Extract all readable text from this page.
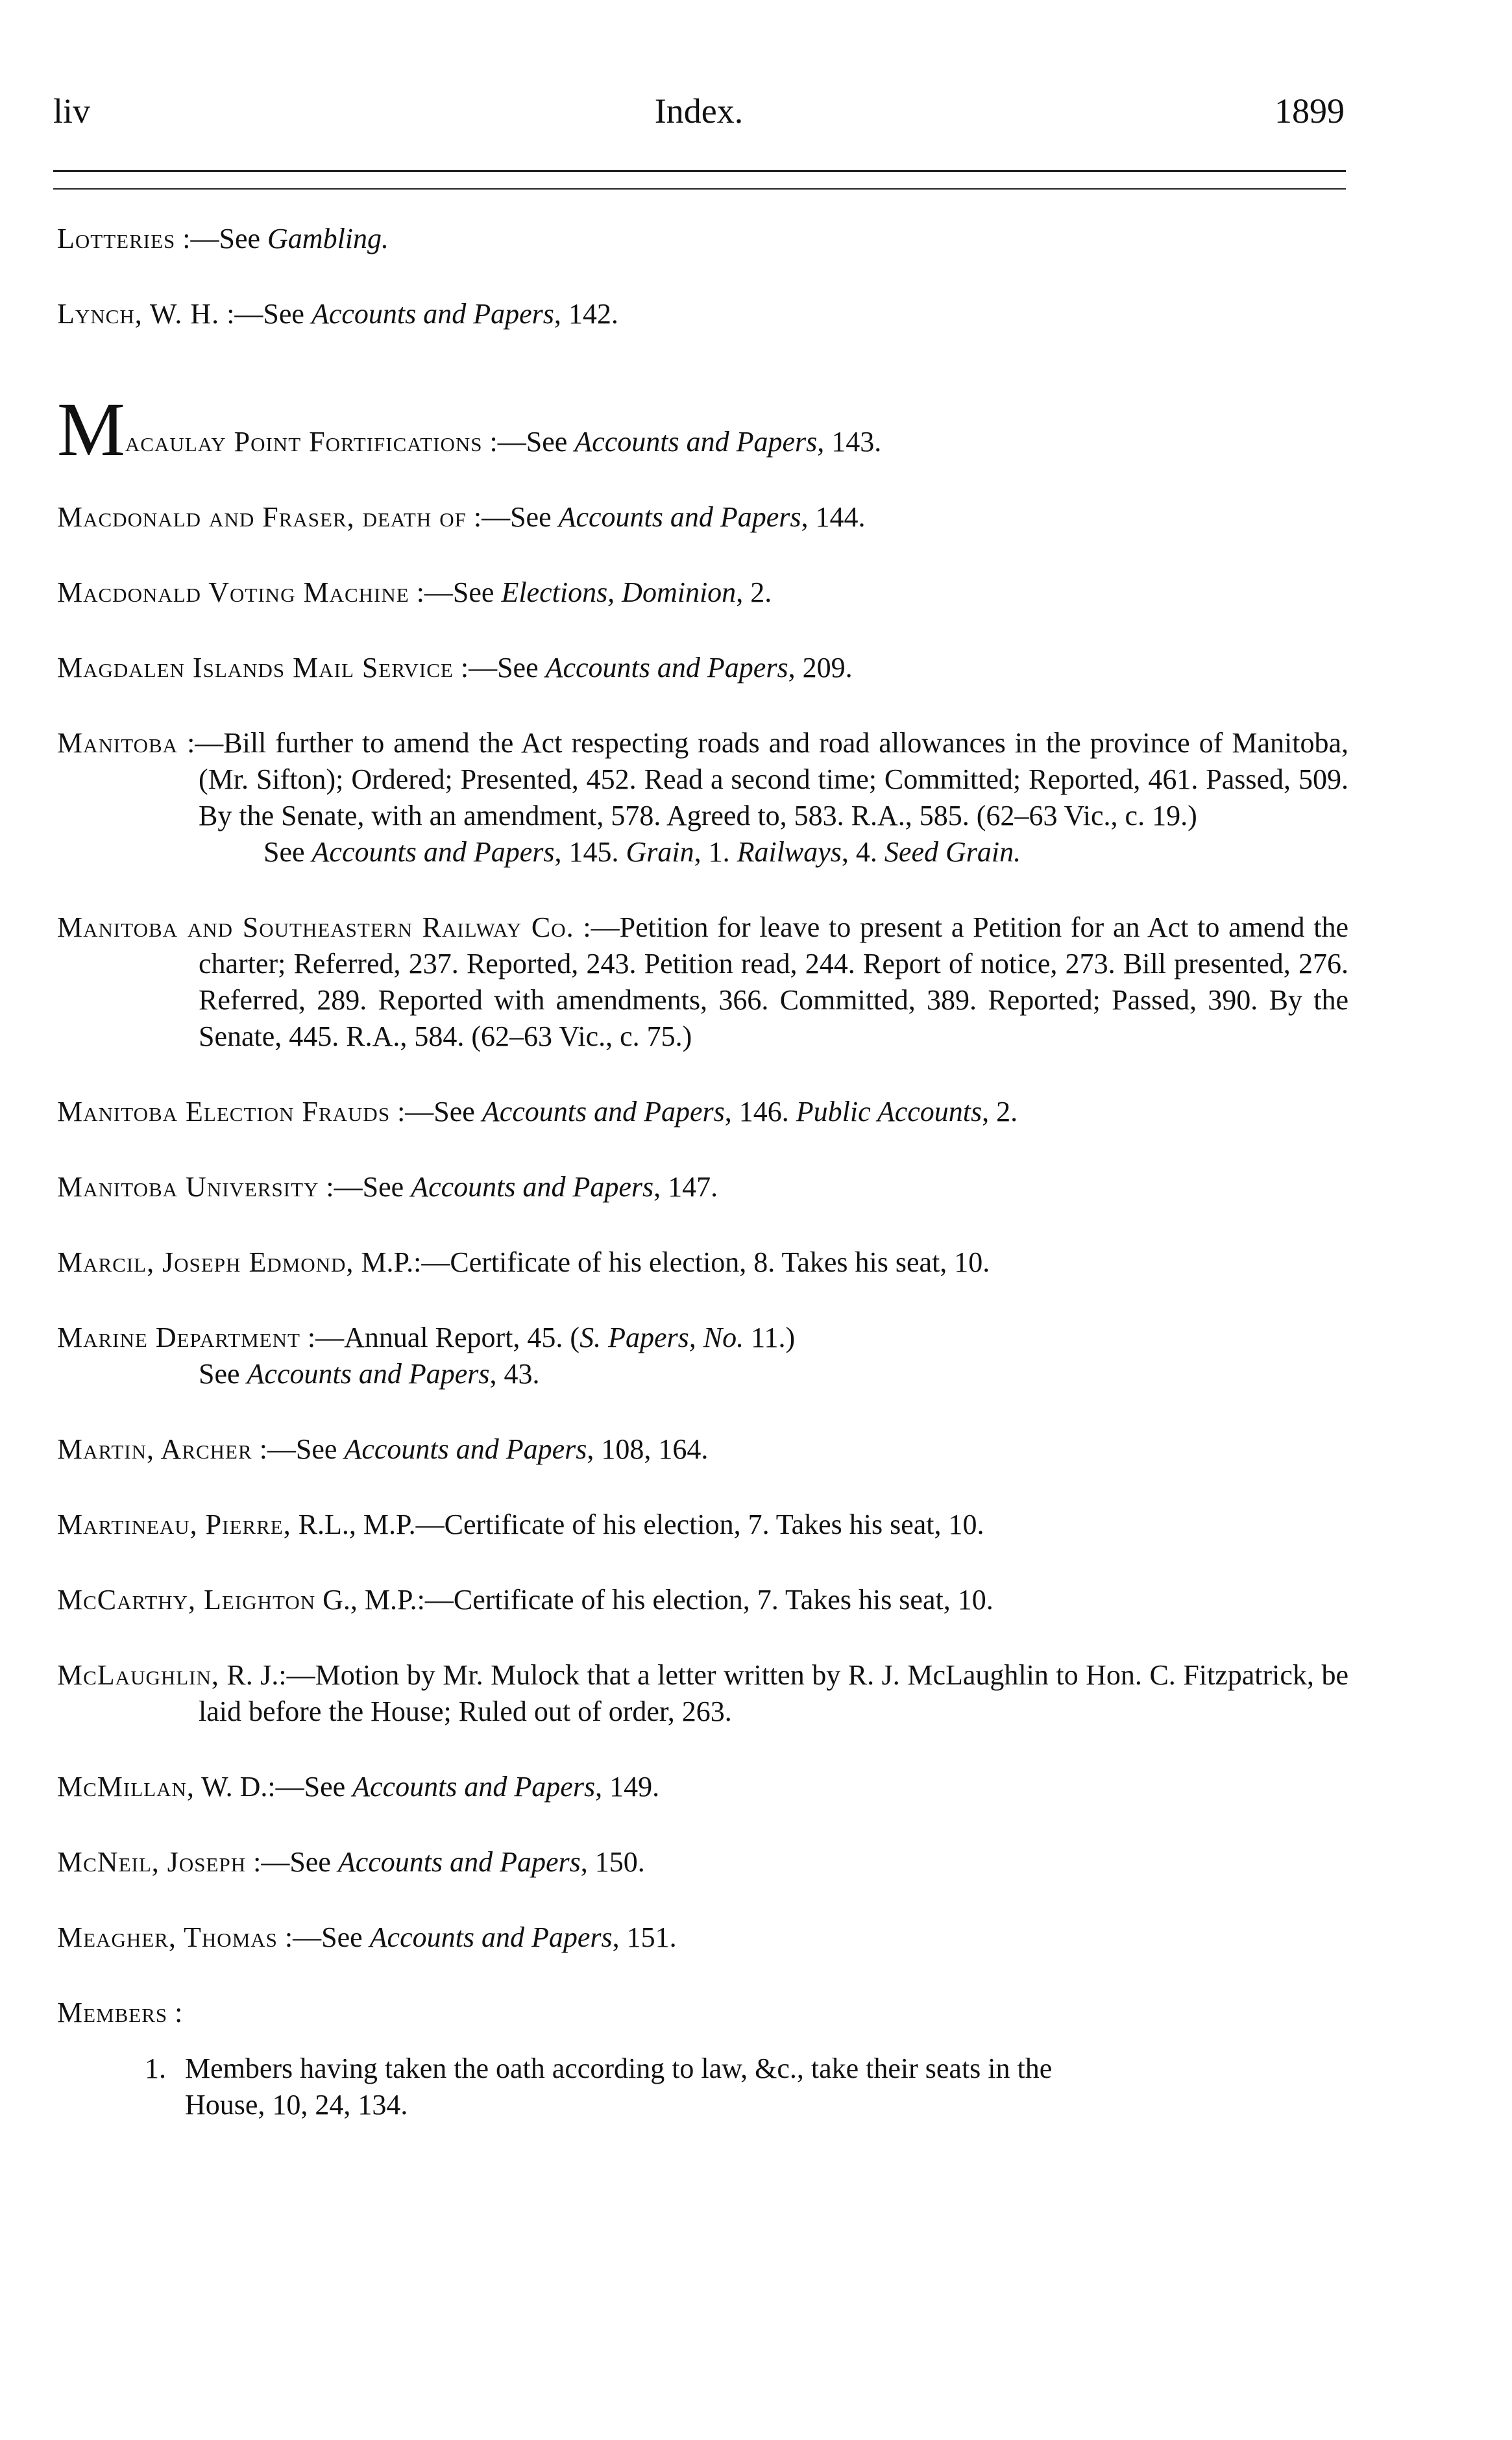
liv	Index.	1899
Lotteries :—See Gambling.
Lynch, W. H. :—See Accounts and Papers, 142.
Macaulay Point Fortifications :—See Accounts and Papers, 143.
Macdonald and Fraser, death of :—See Accounts and Papers, 144.
Macdonald Voting Machine :—See Elections, Dominion, 2.
Magdalen Islands Mail Service :—See Accounts and Papers, 209.
Manitoba :—Bill further to amend the Act respecting roads and road allowances in the province of Manitoba, (Mr. Sifton); Ordered; Presented, 452. Read a second time; Committed; Reported, 461. Passed, 509. By the Senate, with an amendment, 578. Agreed to, 583. R.A., 585. (62–63 Vic., c. 19.)
See Accounts and Papers, 145. Grain, 1. Railways, 4. Seed Grain.
Manitoba and Southeastern Railway Co. :—Petition for leave to present a Petition for an Act to amend the charter; Referred, 237. Reported, 243. Petition read, 244. Report of notice, 273. Bill presented, 276. Referred, 289. Reported with amendments, 366. Committed, 389. Reported; Passed, 390. By the Senate, 445. R.A., 584. (62–63 Vic., c. 75.)
Manitoba Election Frauds :—See Accounts and Papers, 146. Public Accounts, 2.
Manitoba University :—See Accounts and Papers, 147.
Marcil, Joseph Edmond, M.P.:—Certificate of his election, 8. Takes his seat, 10.
Marine Department :—Annual Report, 45. (S. Papers, No. 11.)
See Accounts and Papers, 43.
Martin, Archer :—See Accounts and Papers, 108, 164.
Martineau, Pierre, R.L., M.P.—Certificate of his election, 7. Takes his seat, 10.
McCarthy, Leighton G., M.P.:—Certificate of his election, 7. Takes his seat, 10.
McLaughlin, R. J.:—Motion by Mr. Mulock that a letter written by R. J. McLaughlin to Hon. C. Fitzpatrick, be laid before the House; Ruled out of order, 263.
McMillan, W. D.:—See Accounts and Papers, 149.
McNeil, Joseph :—See Accounts and Papers, 150.
Meagher, Thomas :—See Accounts and Papers, 151.
Members :
1. Members having taken the oath according to law, &c., take their seats in the
House, 10, 24, 134.
